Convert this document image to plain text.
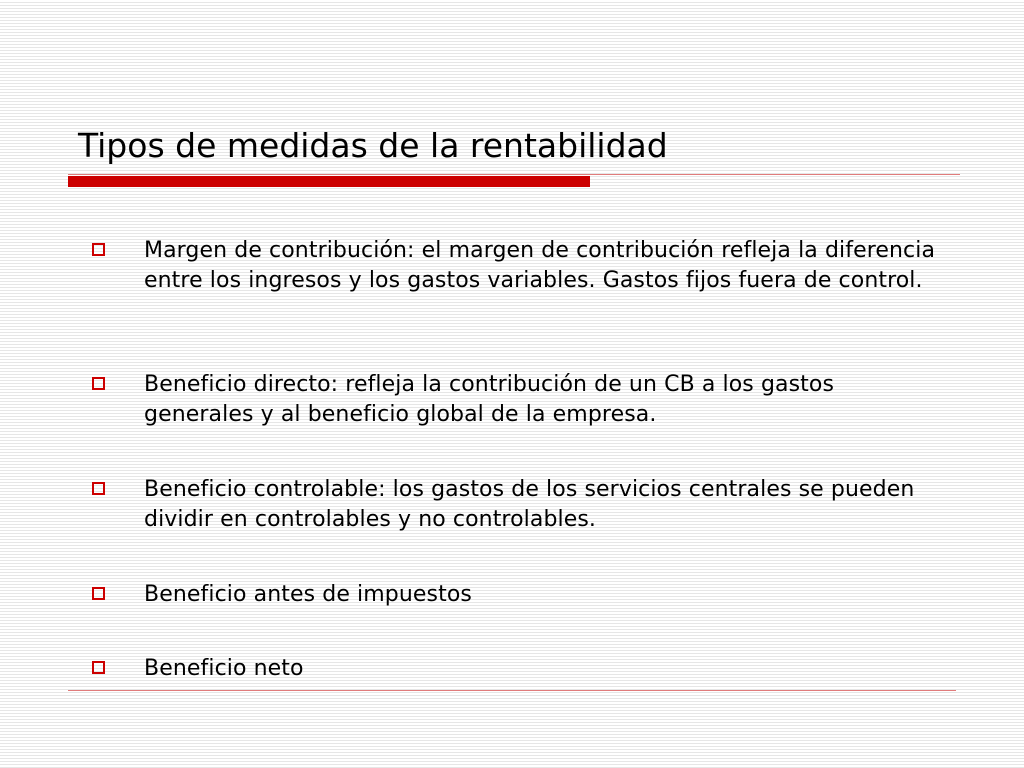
Tipos de medidas de la rentabilidad
Margen de contribución: el margen de contribución refleja la diferencia entre los ingresos y los gastos variables. Gastos fijos fuera de control.
Beneficio directo: refleja la contribución de un CB a los gastos generales y al beneficio global de la empresa.
Beneficio controlable: los gastos de los servicios centrales se pueden dividir en controlables y no controlables.
Beneficio antes de impuestos
Beneficio neto
